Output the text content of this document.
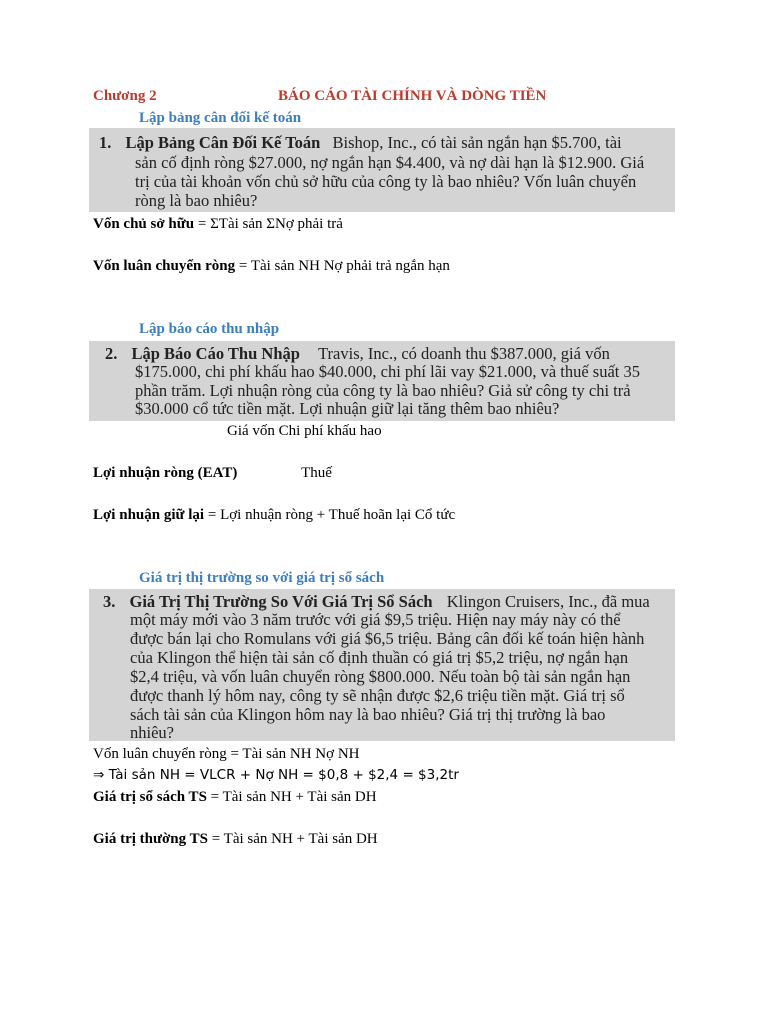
Chương 2	BÁO CÁO TÀI CHÍNH VÀ DÒNG TIỀN
Lập bảng cân đối kế toán
1. Lập Bảng Cân Đối Kế Toán Bishop, Inc., có tài sản ngắn hạn $5.700, tài
sản cố định ròng $27.000, nợ ngắn hạn $4.400, và nợ dài hạn là $12.900. Giá
trị của tài khoản vốn chủ sở hữu của công ty là bao nhiêu? Vốn luân chuyển
ròng là bao nhiêu?
Vốn chủ sở hữu = ΣTài sản ΣNợ phải trả
Vốn luân chuyển ròng = Tài sản NH Nợ phải trả ngắn hạn
Lập báo cáo thu nhập
2. Lập Báo Cáo Thu Nhập Travis, Inc., có doanh thu $387.000, giá vốn
$175.000, chi phí khấu hao $40.000, chi phí lãi vay $21.000, và thuế suất 35
phần trăm. Lợi nhuận ròng của công ty là bao nhiêu? Giả sử công ty chi trả
$30.000 cổ tức tiền mặt. Lợi nhuận giữ lại tăng thêm bao nhiêu?
Giá vốn Chi phí khấu hao
Lợi nhuận ròng (EAT)	Thuế
Lợi nhuận giữ lại = Lợi nhuận ròng + Thuế hoãn lại Cổ tức
Giá trị thị trường so với giá trị sổ sách
3. Giá Trị Thị Trường So Với Giá Trị Sổ Sách Klingon Cruisers, Inc., đã mua
một máy mới vào 3 năm trước với giá $9,5 triệu. Hiện nay máy này có thể
được bán lại cho Romulans với giá $6,5 triệu. Bảng cân đối kế toán hiện hành
của Klingon thể hiện tài sản cố định thuần có giá trị $5,2 triệu, nợ ngắn hạn
$2,4 triệu, và vốn luân chuyển ròng $800.000. Nếu toàn bộ tài sản ngắn hạn
được thanh lý hôm nay, công ty sẽ nhận được $2,6 triệu tiền mặt. Giá trị sổ
sách tài sản của Klingon hôm nay là bao nhiêu? Giá trị thị trường là bao
nhiêu?
Vốn luân chuyển ròng = Tài sản NH Nợ NH
⇒ Tài sản NH = VLCR + Nợ NH = $0,8 + $2,4 = $3,2tr
Giá trị sổ sách TS = Tài sản NH + Tài sản DH
Giá trị thường TS = Tài sản NH + Tài sản DH
